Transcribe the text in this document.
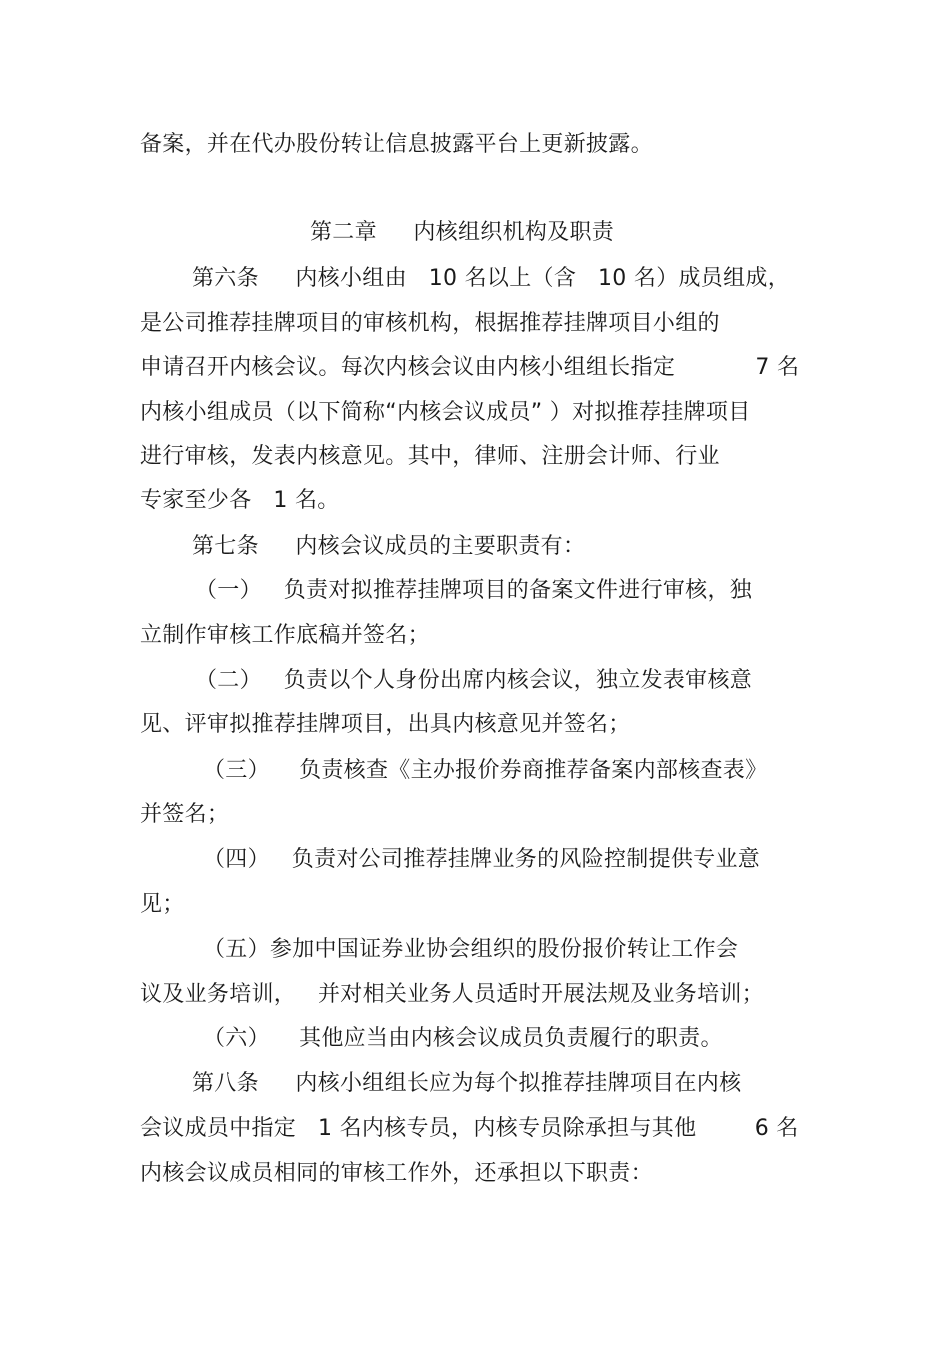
备案，并在代办股份转让信息披露平台上更新披露。
第二章     内核组织机构及职责
第六条     内核小组由   10 名以上（含   10 名）成员组成，
是公司推荐挂牌项目的审核机构，根据推荐挂牌项目小组的
申请召开内核会议。每次内核会议由内核小组组长指定           7 名
内核小组成员（以下简称“内核会议成员” ）对拟推荐挂牌项目
进行审核，发表内核意见。其中，律师、注册会计师、行业
专家至少各   1 名。
第七条     内核会议成员的主要职责有：
（一）   负责对拟推荐挂牌项目的备案文件进行审核，独
立制作审核工作底稿并签名；
（二）   负责以个人身份出席内核会议，独立发表审核意
见、评审拟推荐挂牌项目，出具内核意见并签名；
（三）    负责核查《主办报价券商推荐备案内部核查表》
并签名；
（四）   负责对公司推荐挂牌业务的风险控制提供专业意
见；
（五）参加中国证券业协会组织的股份报价转让工作会
议及业务培训，   并对相关业务人员适时开展法规及业务培训；
（六）    其他应当由内核会议成员负责履行的职责。
第八条     内核小组组长应为每个拟推荐挂牌项目在内核
会议成员中指定   1 名内核专员，内核专员除承担与其他        6 名
内核会议成员相同的审核工作外，还承担以下职责：
